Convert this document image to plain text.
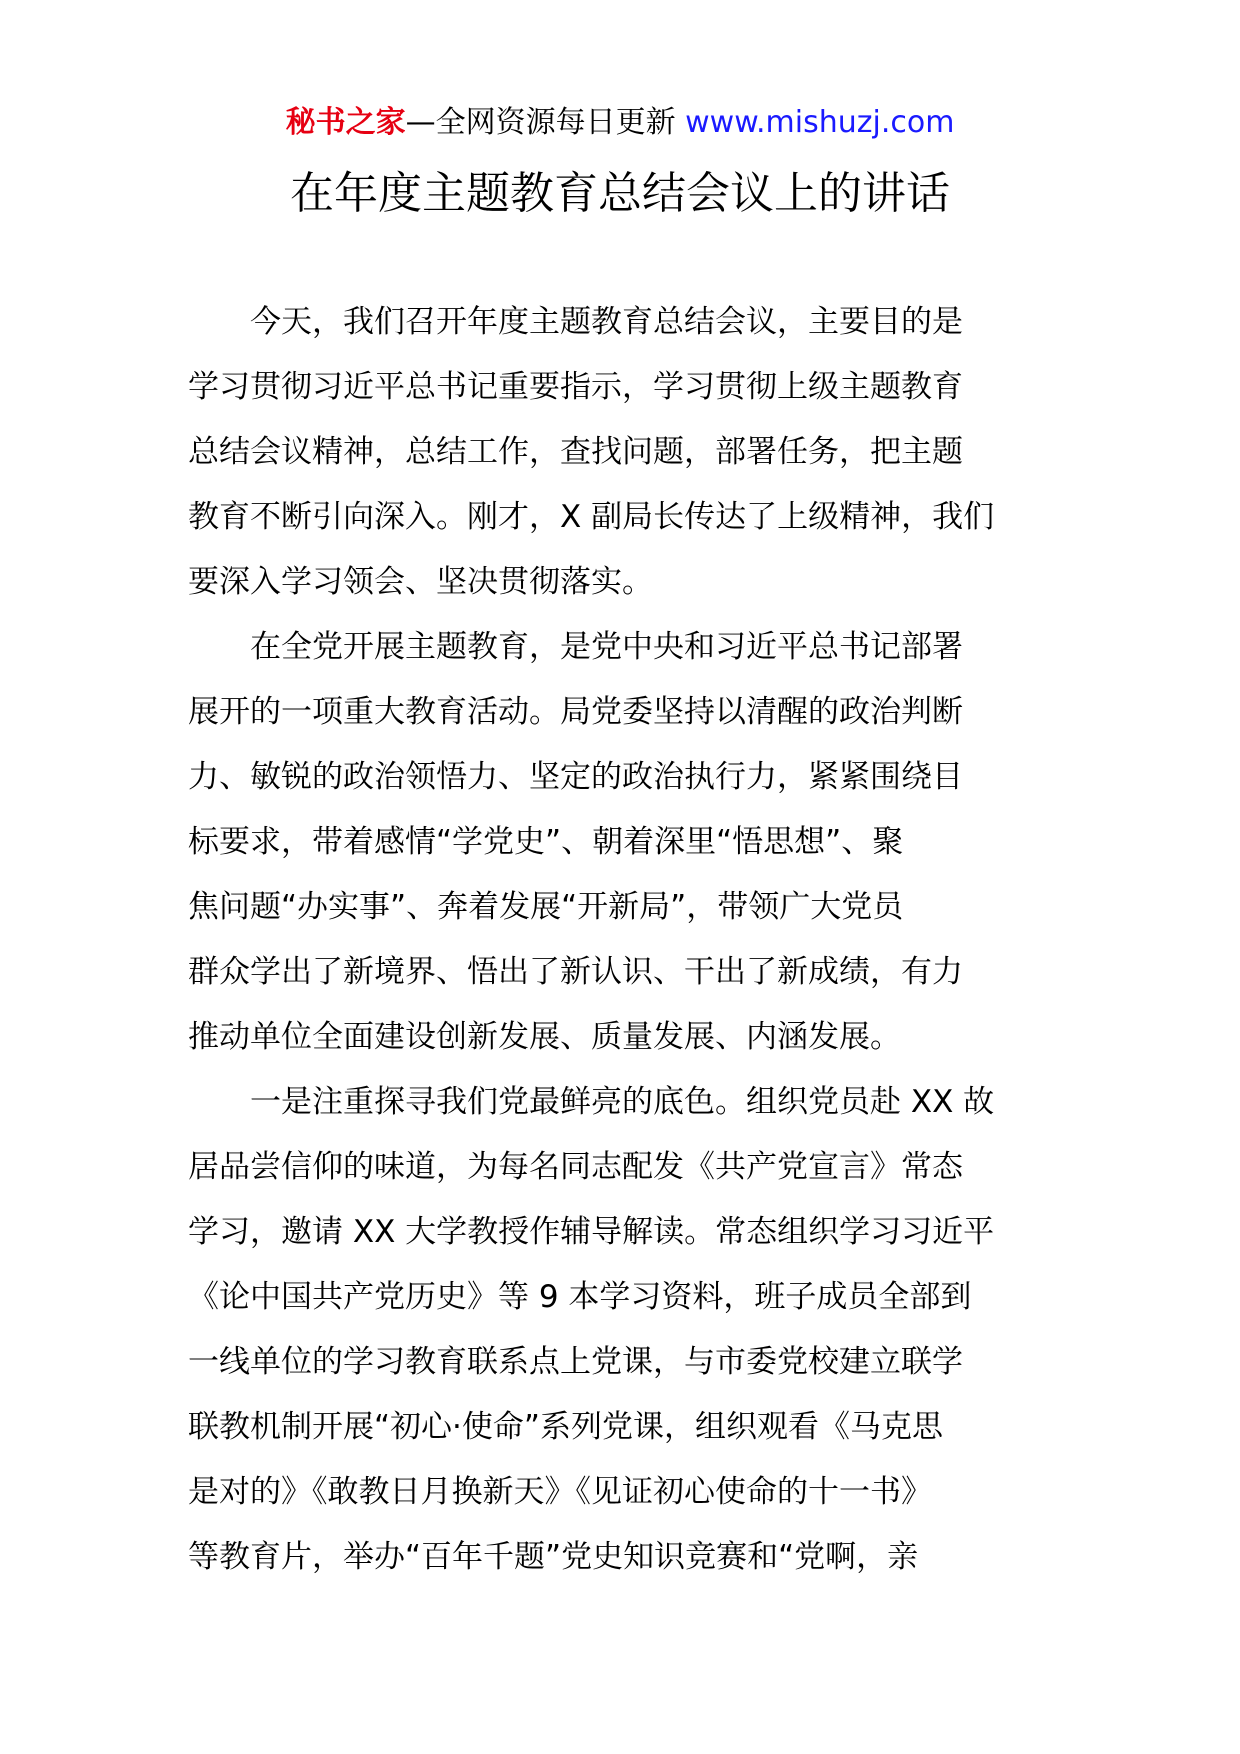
秘书之家—全网资源每日更新 www.mishuzj.com
在年度主题教育总结会议上的讲话

今天，我们召开年度主题教育总结会议，主要目的是
学习贯彻习近平总书记重要指示，学习贯彻上级主题教育
总结会议精神，总结工作，查找问题，部署任务，把主题
教育不断引向深入。刚才，X 副局长传达了上级精神，我们
要深入学习领会、坚决贯彻落实。

在全党开展主题教育，是党中央和习近平总书记部署
展开的一项重大教育活动。局党委坚持以清醒的政治判断
力、敏锐的政治领悟力、坚定的政治执行力，紧紧围绕目
标要求，带着感情“学党史”、朝着深里“悟思想”、聚
焦问题“办实事”、奔着发展“开新局”，带领广大党员
群众学出了新境界、悟出了新认识、干出了新成绩，有力
推动单位全面建设创新发展、质量发展、内涵发展。

一是注重探寻我们党最鲜亮的底色。组织党员赴 XX 故
居品尝信仰的味道，为每名同志配发《共产党宣言》常态
学习，邀请 XX 大学教授作辅导解读。常态组织学习习近平
《论中国共产党历史》等 9 本学习资料，班子成员全部到
一线单位的学习教育联系点上党课，与市委党校建立联学
联教机制开展“初心·使命”系列党课，组织观看《马克思
是对的》《敢教日月换新天》《见证初心使命的十一书》
等教育片，举办“百年千题”党史知识竞赛和“党啊，亲
